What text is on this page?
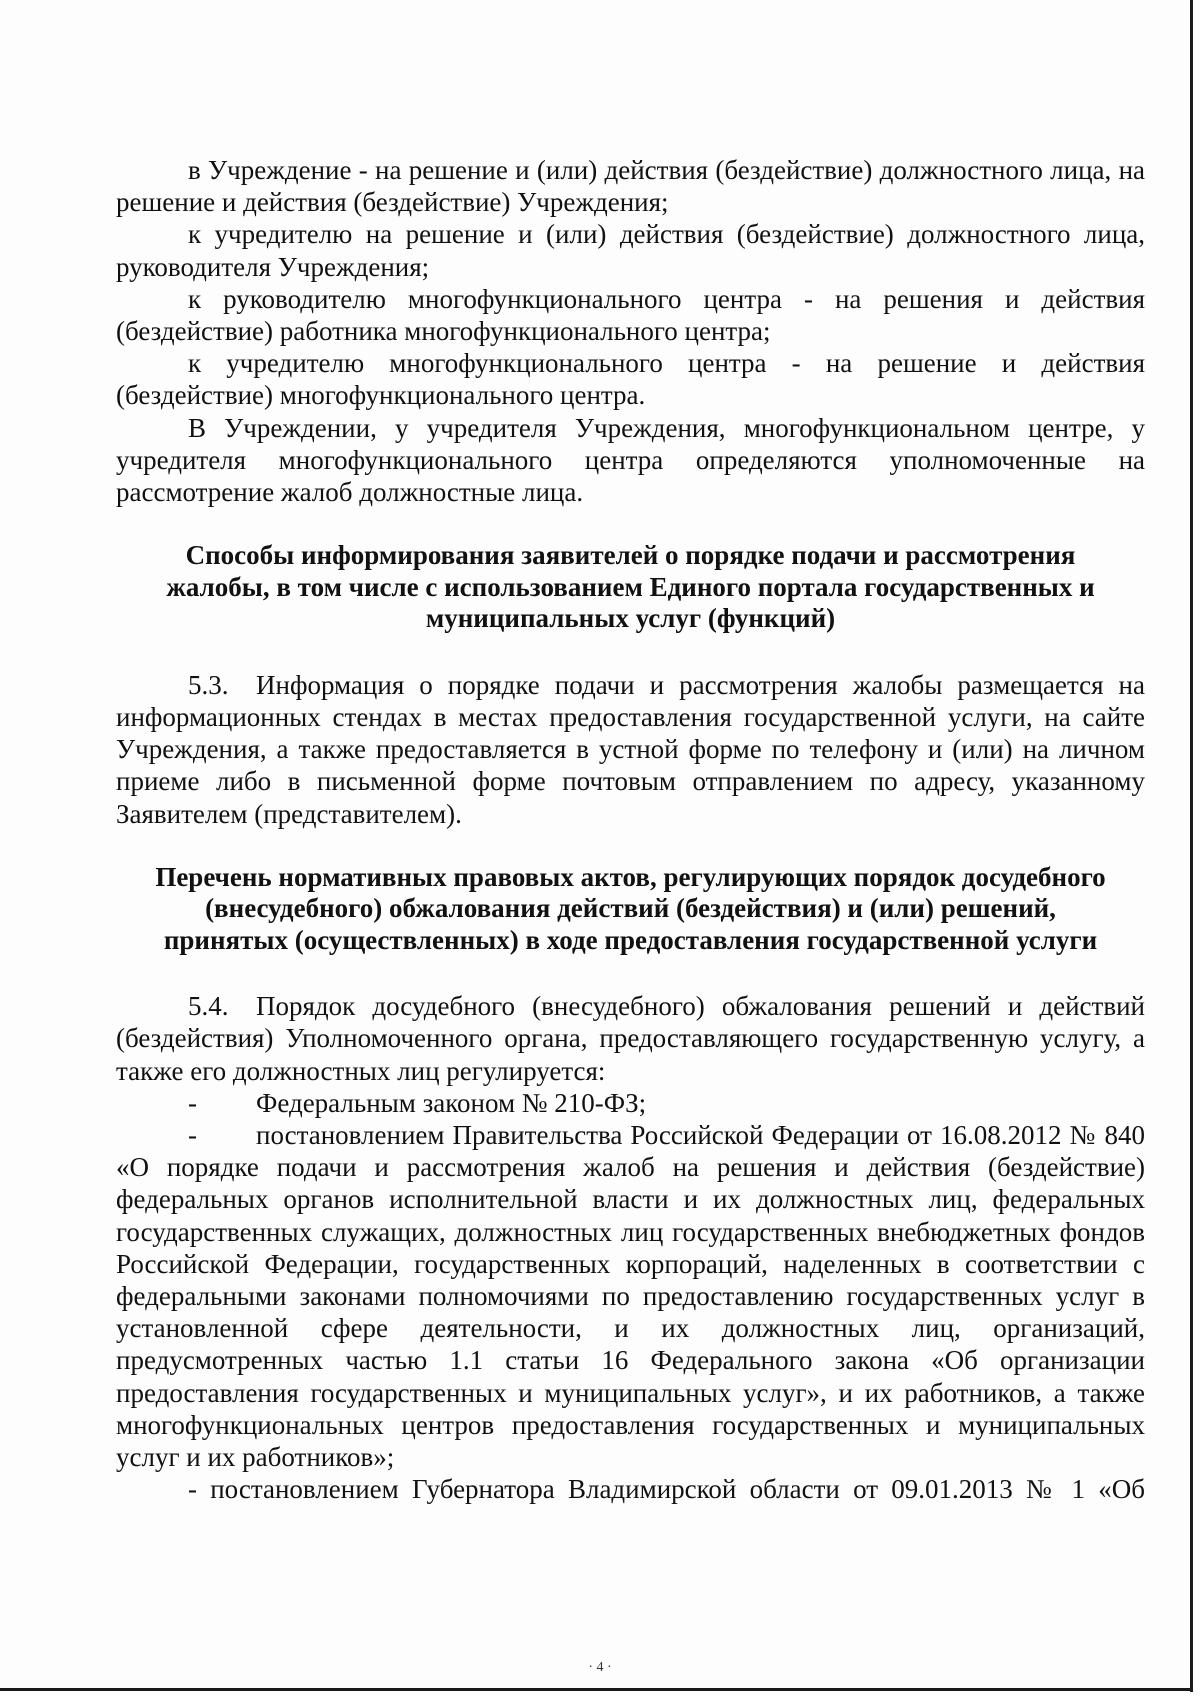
в Учреждение - на решение и (или) действия (бездействие) должностного лица, на решение и действия (бездействие) Учреждения;

к учредителю на решение и (или) действия (бездействие) должностного лица, руководителя Учреждения;

к руководителю многофункционального центра - на решения и действия (бездействие) работника многофункционального центра;

к учредителю многофункционального центра - на решение и действия (бездействие) многофункционального центра.

В Учреждении, у учредителя Учреждения, многофункциональном центре, у учредителя многофункционального центра определяются уполномоченные на рассмотрение жалоб должностные лица.

Способы информирования заявителей о порядке подачи и рассмотрения жалобы, в том числе с использованием Единого портала государственных и муниципальных услуг (функций)

5.3. Информация о порядке подачи и рассмотрения жалобы размещается на информационных стендах в местах предоставления государственной услуги, на сайте Учреждения, а также предоставляется в устной форме по телефону и (или) на личном приеме либо в письменной форме почтовым отправлением по адресу, указанному Заявителем (представителем).

Перечень нормативных правовых актов, регулирующих порядок досудебного (внесудебного) обжалования действий (бездействия) и (или) решений, принятых (осуществленных) в ходе предоставления государственной услуги

5.4. Порядок досудебного (внесудебного) обжалования решений и действий (бездействия) Уполномоченного органа, предоставляющего государственную услугу, а также его должностных лиц регулируется:

- Федеральным законом № 210-ФЗ;

- постановлением Правительства Российской Федерации от 16.08.2012 № 840 «О порядке подачи и рассмотрения жалоб на решения и действия (бездействие) федеральных органов исполнительной власти и их должностных лиц, федеральных государственных служащих, должностных лиц государственных внебюджетных фондов Российской Федерации, государственных корпораций, наделенных в соответствии с федеральными законами полномочиями по предоставлению государственных услуг в установленной сфере деятельности, и их должностных лиц, организаций, предусмотренных частью 1.1 статьи 16 Федерального закона «Об организации предоставления государственных и муниципальных услуг», и их работников, а также многофункциональных центров предоставления государственных и муниципальных услуг и их работников»;

- постановлением Губернатора Владимирской области от 09.01.2013 № 1 «Об

· 4 ·
